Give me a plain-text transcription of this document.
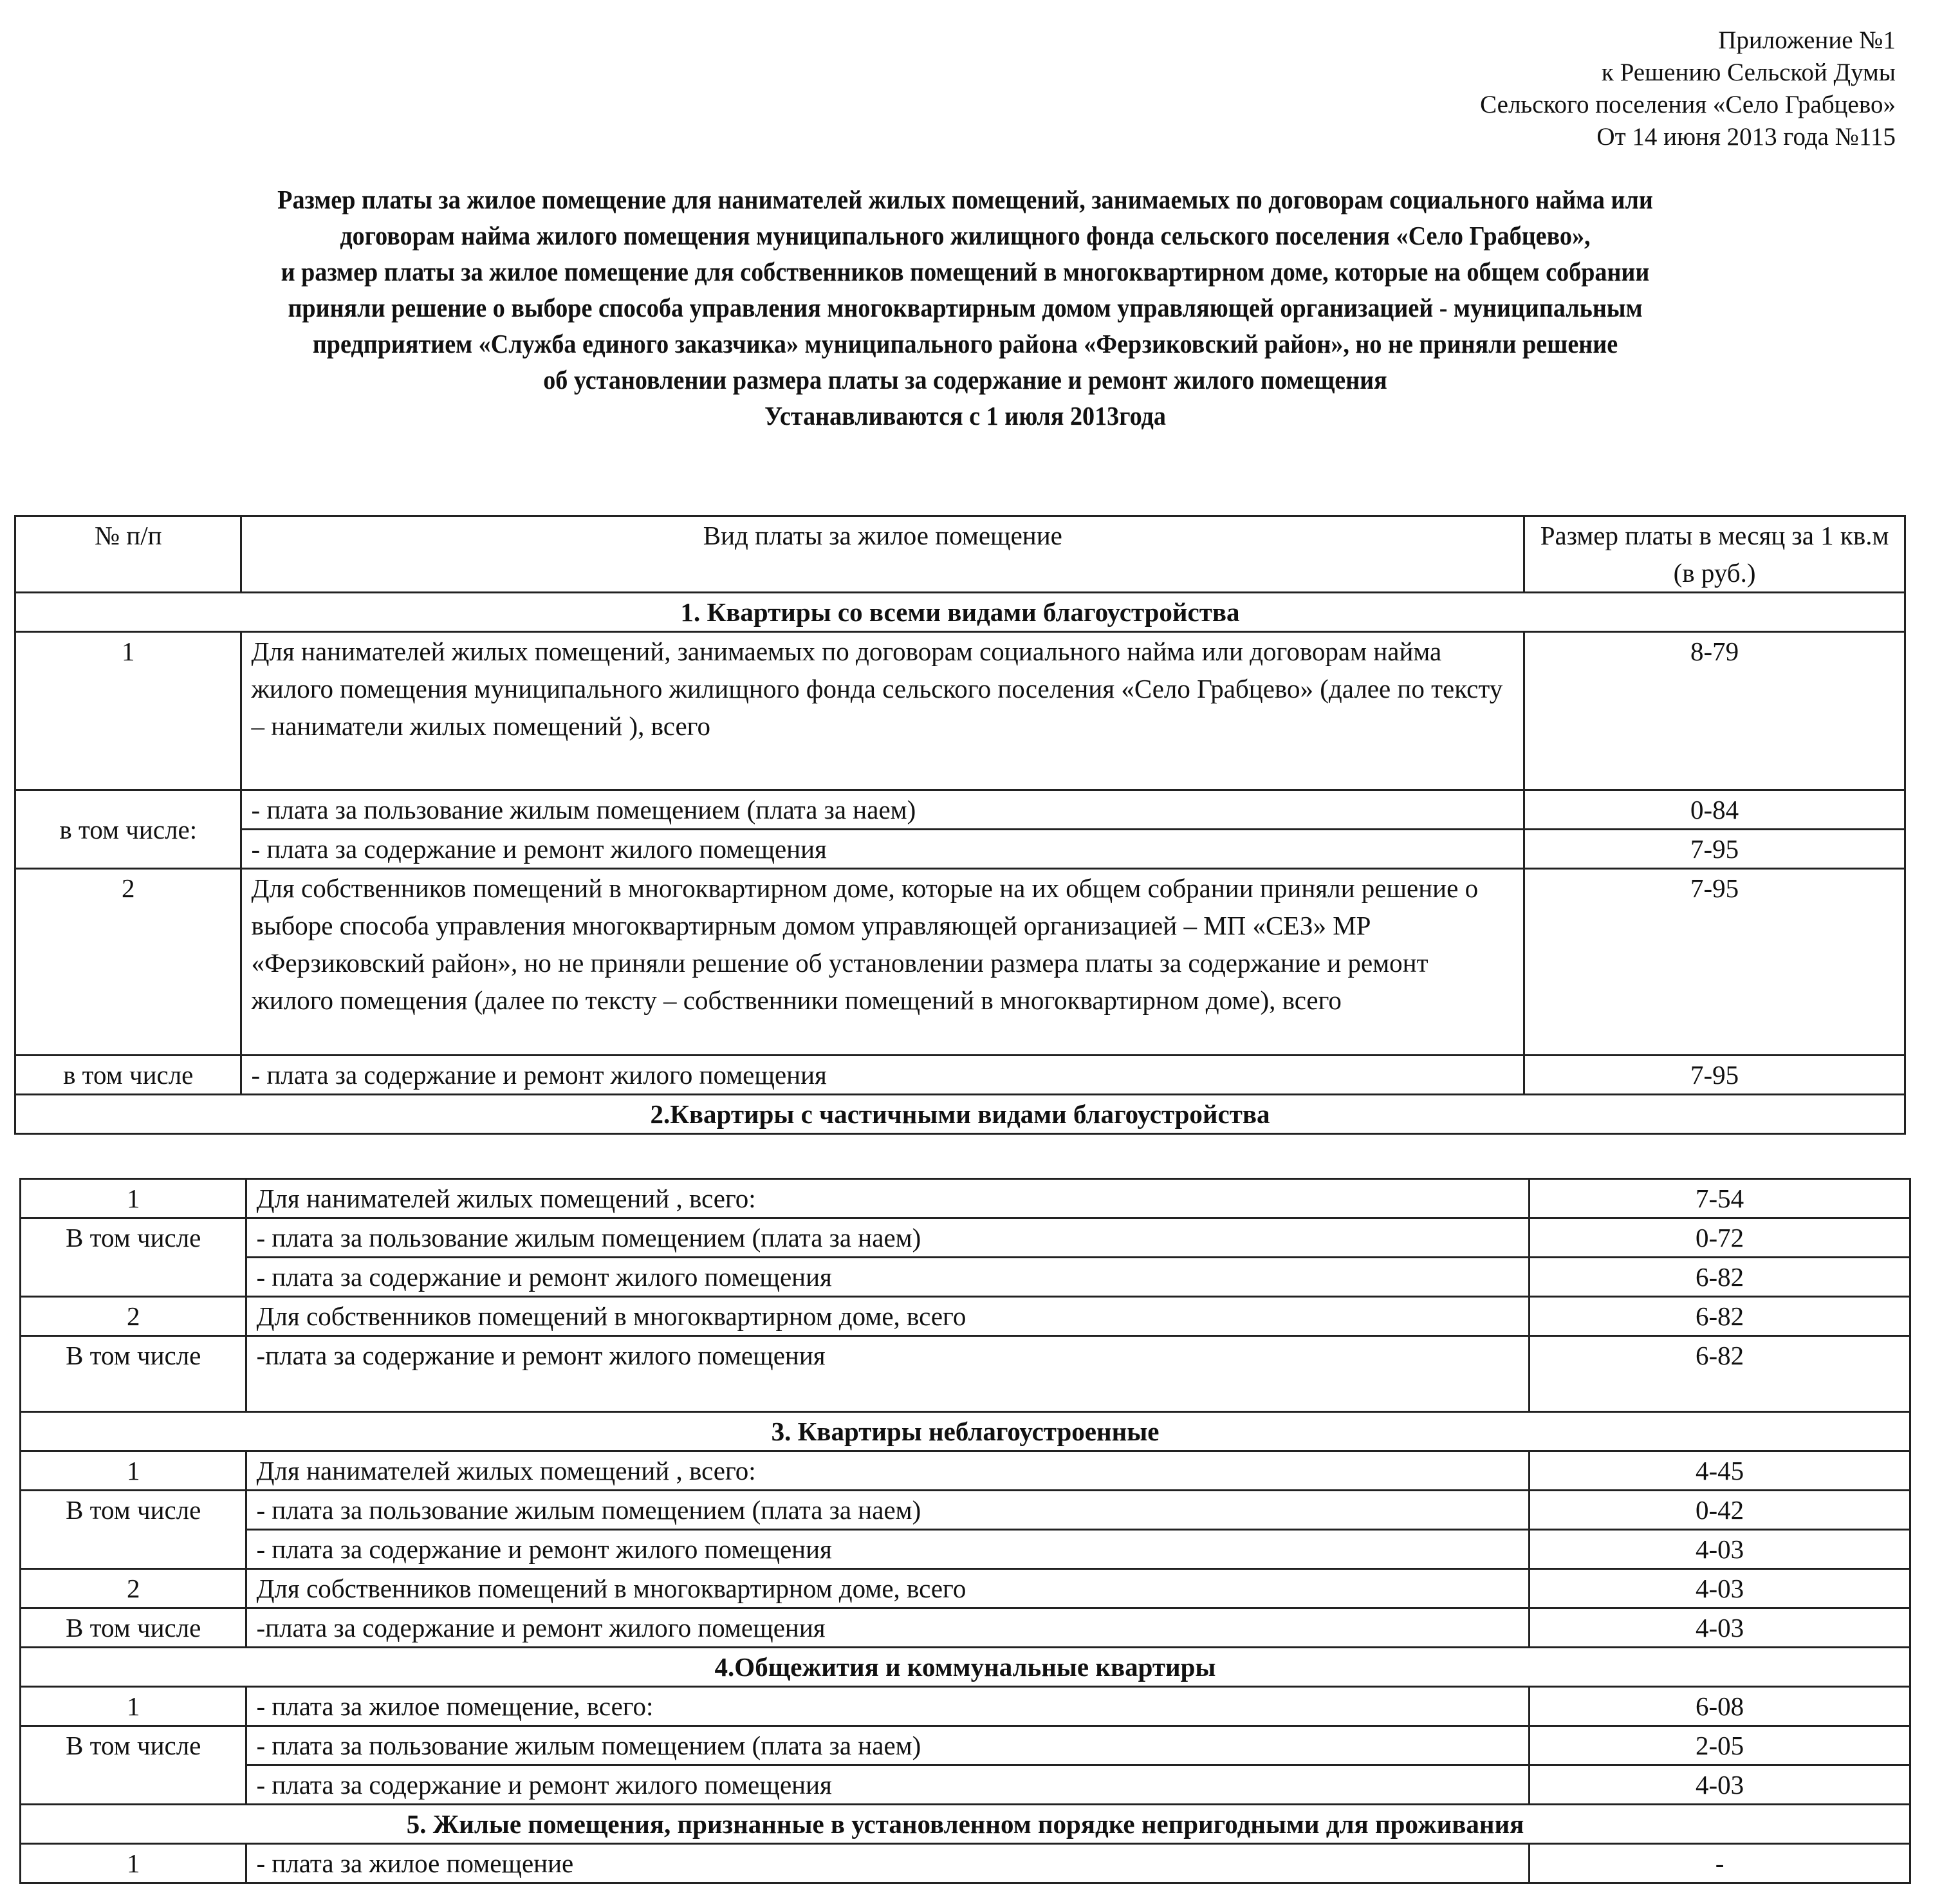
Приложение №1
к Решению Сельской Думы
Сельского поселения «Село Грабцево»
От 14 июня 2013 года №115
Размер платы за жилое помещение для нанимателей жилых помещений, занимаемых по договорам социального найма или
договорам найма жилого помещения муниципального жилищного фонда сельского поселения «Село Грабцево»,
и размер платы за жилое помещение для собственников помещений в многоквартирном доме, которые на общем собрании
приняли решение о выборе способа управления многоквартирным домом управляющей организацией - муниципальным
предприятием «Служба единого заказчика» муниципального района «Ферзиковский район», но не приняли решение
об установлении размера платы за содержание и ремонт жилого помещения
Устанавливаются с 1 июля 2013года
№ п/п	Вид платы за жилое помещение	Размер платы в месяц за 1 кв.м (в руб.)
1. Квартиры со всеми видами благоустройства		
1	Для нанимателей жилых помещений, занимаемых по договорам социального найма или договорам найма жилого помещения муниципального жилищного фонда сельского поселения «Село Грабцево» (далее по тексту – наниматели жилых помещений ), всего	8-79
в том числе:	- плата за пользование жилым помещением (плата за наем)	0-84
	- плата за содержание и ремонт жилого помещения	7-95
2	Для собственников помещений в многоквартирном доме, которые на их общем собрании приняли решение о выборе способа управления многоквартирным домом управляющей организацией – МП «СЕЗ» МР «Ферзиковский район», но не приняли решение об установлении размера платы за содержание и ремонт жилого помещения (далее по тексту – собственники помещений в многоквартирном доме), всего	7-95
в том числе	- плата за содержание и ремонт жилого помещения	7-95
2.Квартиры с частичными видами благоустройства		
1	Для нанимателей жилых помещений , всего:	7-54
В том числе	- плата за пользование жилым помещением (плата за наем)	0-72
	- плата за содержание и ремонт жилого помещения	6-82
2	Для собственников помещений в многоквартирном доме, всего	6-82
В том числе	-плата за содержание и ремонт жилого помещения	6-82
3. Квартиры неблагоустроенные		
1	Для нанимателей жилых помещений , всего:	4-45
В том числе	- плата за пользование жилым помещением (плата за наем)	0-42
	- плата за содержание и ремонт жилого помещения	4-03
2	Для собственников помещений в многоквартирном доме, всего	4-03
В том числе	-плата за содержание и ремонт жилого помещения	4-03
4.Общежития и коммунальные квартиры		
1	- плата за жилое помещение, всего:	6-08
В том числе	- плата за пользование жилым помещением (плата за наем)	2-05
	- плата за содержание и ремонт жилого помещения	4-03
5. Жилые помещения, признанные в установленном порядке непригодными для проживания		
1	- плата за жилое помещение	-
